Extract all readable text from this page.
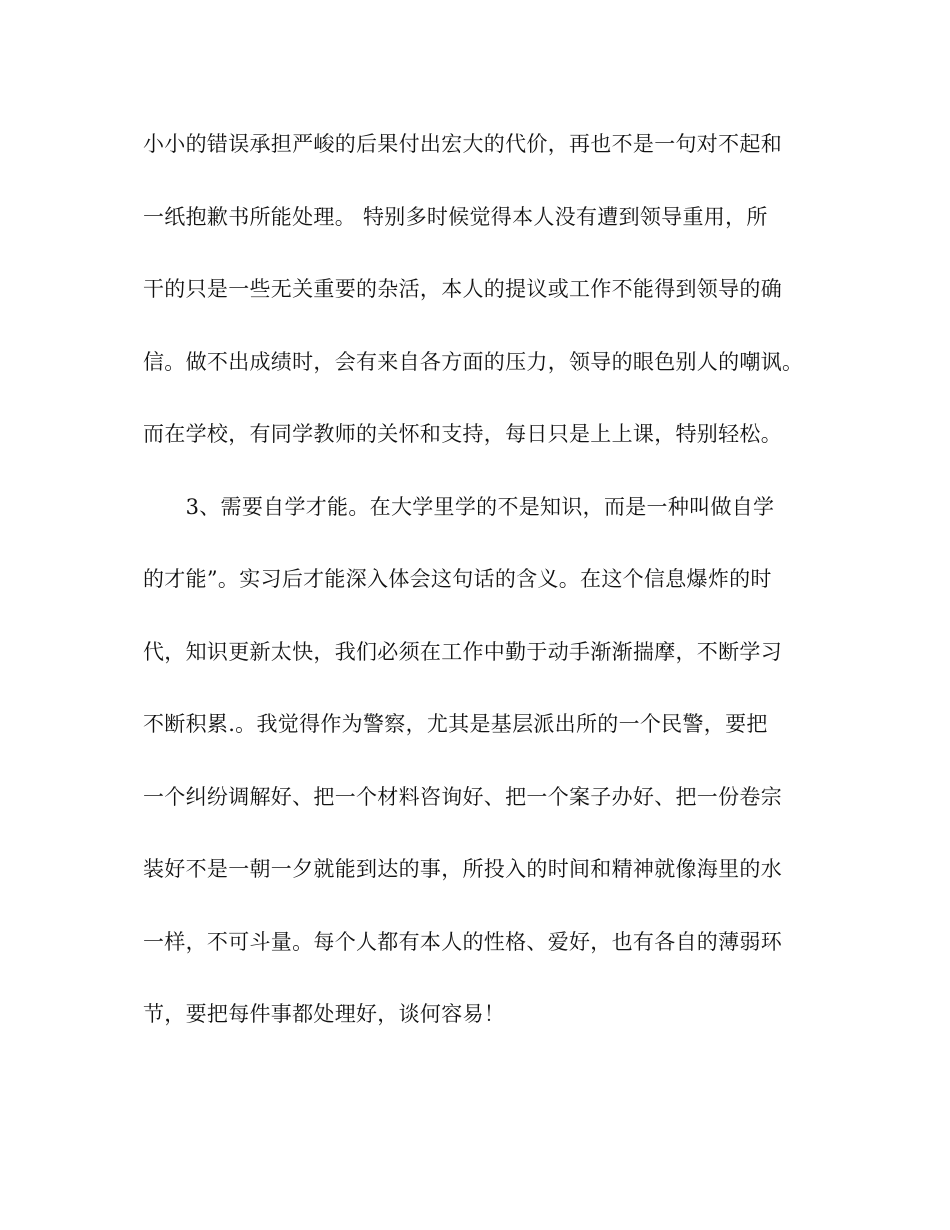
小小的错误承担严峻的后果付出宏大的代价，再也不是一句对不起和
一纸抱歉书所能处理。 特别多时候觉得本人没有遭到领导重用，所
干的只是一些无关重要的杂活，本人的提议或工作不能得到领导的确
信。做不出成绩时，会有来自各方面的压力，领导的眼色别人的嘲讽。
而在学校，有同学教师的关怀和支持，每日只是上上课，特别轻松。
　　3、需要自学才能。在大学里学的不是知识，而是一种叫做自学
的才能”。实习后才能深入体会这句话的含义。在这个信息爆炸的时
代，知识更新太快，我们必须在工作中勤于动手渐渐揣摩，不断学习
不断积累.。我觉得作为警察，尤其是基层派出所的一个民警，要把
一个纠纷调解好、把一个材料咨询好、把一个案子办好、把一份卷宗
装好不是一朝一夕就能到达的事，所投入的时间和精神就像海里的水
一样，不可斗量。每个人都有本人的性格、爱好，也有各自的薄弱环
节，要把每件事都处理好，谈何容易！
